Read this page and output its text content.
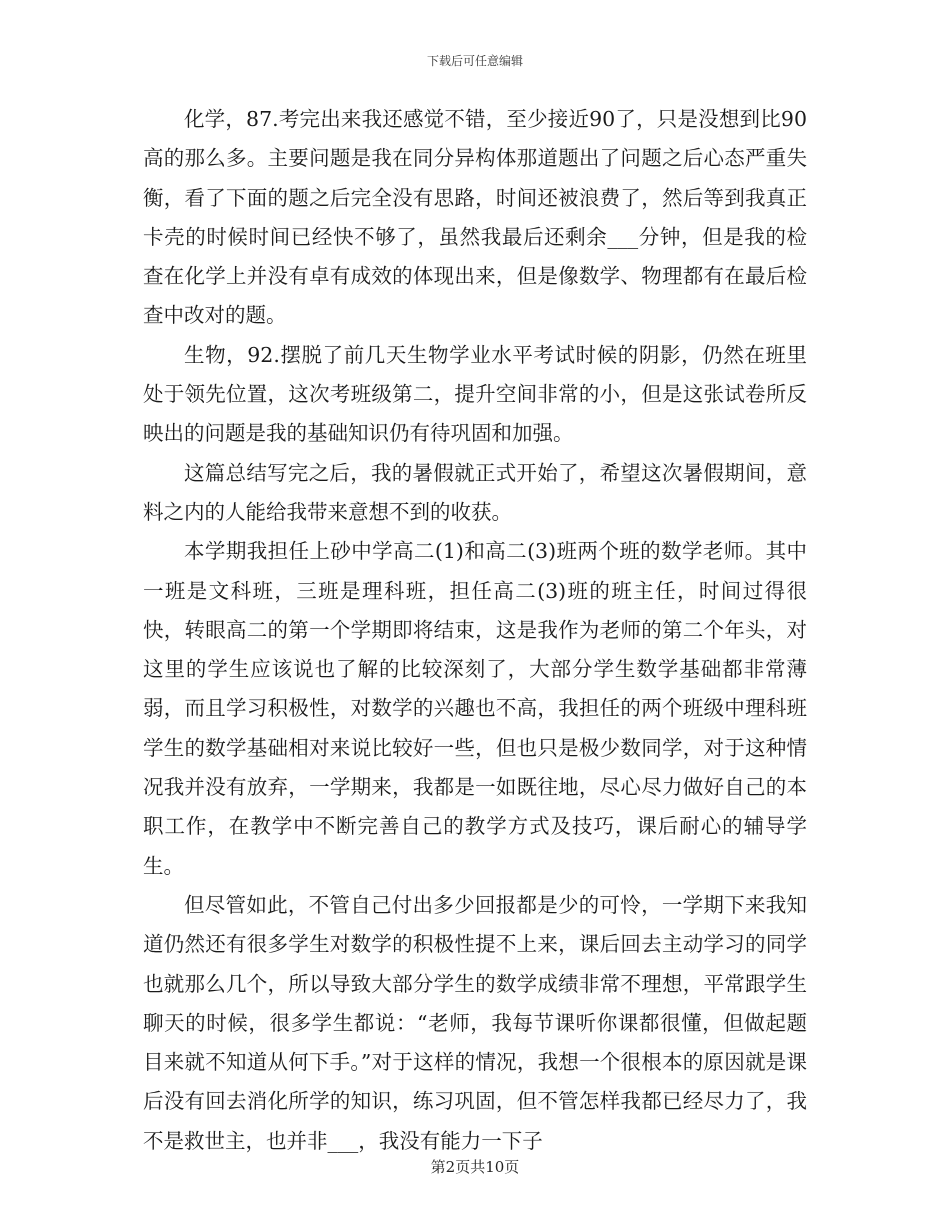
下载后可任意编辑

化学，87.考完出来我还感觉不错，至少接近90了，只是没想到比90高的那么多。主要问题是我在同分异构体那道题出了问题之后心态严重失衡，看了下面的题之后完全没有思路，时间还被浪费了，然后等到我真正卡壳的时候时间已经快不够了，虽然我最后还剩余___分钟，但是我的检查在化学上并没有卓有成效的体现出来，但是像数学、物理都有在最后检查中改对的题。

生物，92.摆脱了前几天生物学业水平考试时候的阴影，仍然在班里处于领先位置，这次考班级第二，提升空间非常的小，但是这张试卷所反映出的问题是我的基础知识仍有待巩固和加强。

这篇总结写完之后，我的暑假就正式开始了，希望这次暑假期间，意料之内的人能给我带来意想不到的收获。

本学期我担任上砂中学高二(1)和高二(3)班两个班的数学老师。其中一班是文科班，三班是理科班，担任高二(3)班的班主任，时间过得很快，转眼高二的第一个学期即将结束，这是我作为老师的第二个年头，对这里的学生应该说也了解的比较深刻了，大部分学生数学基础都非常薄弱，而且学习积极性，对数学的兴趣也不高，我担任的两个班级中理科班学生的数学基础相对来说比较好一些，但也只是极少数同学，对于这种情况我并没有放弃，一学期来，我都是一如既往地，尽心尽力做好自己的本职工作，在教学中不断完善自己的教学方式及技巧，课后耐心的辅导学生。

但尽管如此，不管自己付出多少回报都是少的可怜，一学期下来我知道仍然还有很多学生对数学的积极性提不上来，课后回去主动学习的同学也就那么几个，所以导致大部分学生的数学成绩非常不理想，平常跟学生聊天的时候，很多学生都说：“老师，我每节课听你课都很懂，但做起题目来就不知道从何下手。”对于这样的情况，我想一个很根本的原因就是课后没有回去消化所学的知识，练习巩固，但不管怎样我都已经尽力了，我不是救世主，也并非___，我没有能力一下子

第2页共10页
